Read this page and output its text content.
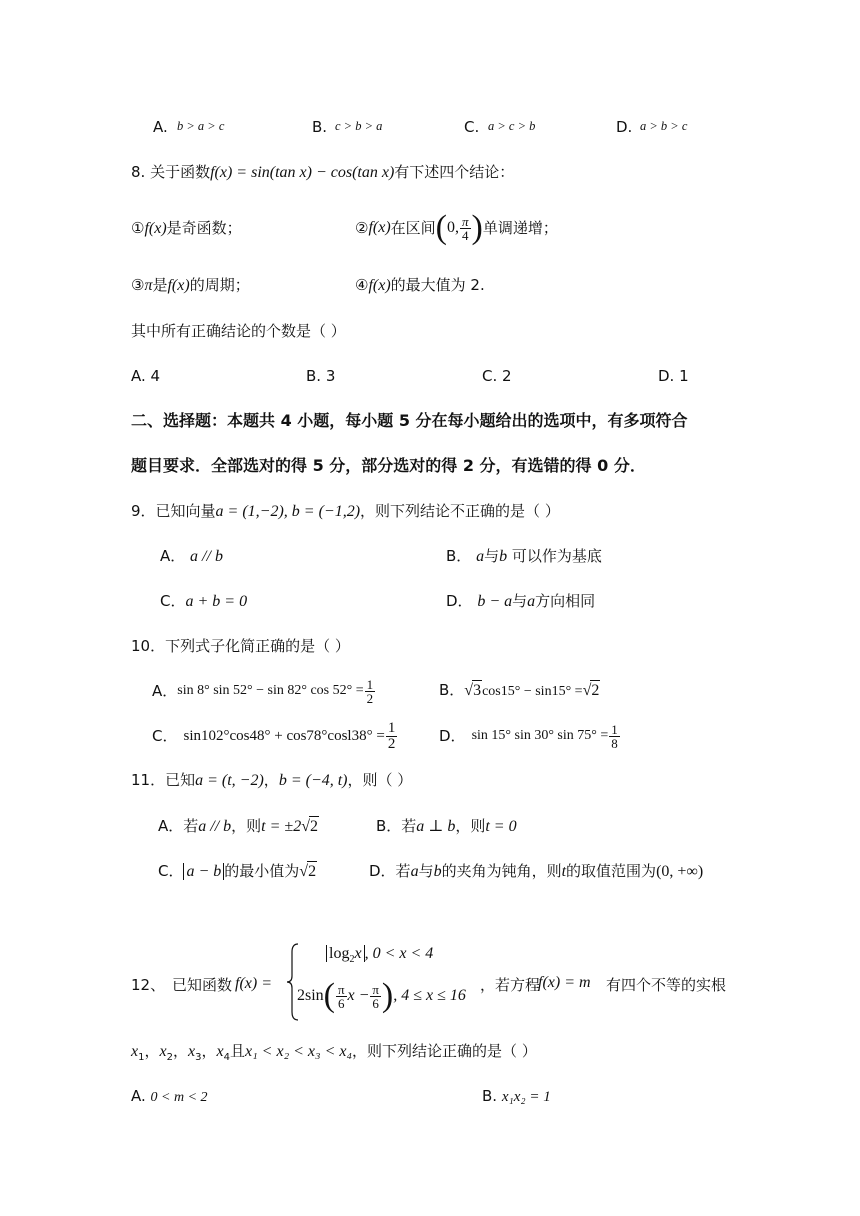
A. b > a > c	B. c > b > a	C. a > c > b	D. a > b > c
8. 关于函数f(x) = sin(tan x) − cos(tan x)有下述四个结论：
①f(x)是奇函数；	② f(x) 在区间 ( 0, $\frac{\pi}{4}$ ) 单调递增；
③π是f(x)的周期；	④f(x)的最大值为 2.
其中所有正确结论的个数是（ ）
A. 4	B. 3	C. 2	D. 1
二、选择题：本题共 4 小题，每小题 5 分在每小题给出的选项中，有多项符合
题目要求．全部选对的得 5 分，部分选对的得 2 分，有选错的得 0 分．
9．已知向量a = (1,−2), b = (−1,2)，则下列结论不正确的是（ ）
A． a // b	B． a与b 可以作为基底
C．a + b = 0	D． b − a与a方向相同
10．下列式子化简正确的是（ ）
A． sin 8° sin 52° − sin 82° $\cos 52^\circ = \frac{1}{2}$	B．√3cos15° − sin15° =√2
C． $\sin 102^\circ\cos 48^\circ + \cos 78^\circ\cos l38^\circ = \frac{1}{2}$	D． sin 15° sin 30° $\sin 75^\circ = \frac{1}{8}$
11．已知a = (t, −2)，b = (−4, t)，则（ ）
A．若a // b，则t = ±2√2	B．若a ⊥ b，则t = 0
C． a − b 的最小值为√2	D．若a与b的夹角为钝角，则t的取值范围为(0, +∞)
12、 已知函数 f(x) =
$\log_2x$ , 0 < x < 4
2sin ( $\frac{\pi}{6}$ $x - \frac{\pi}{6}$ ) , 4 ≤ x ≤ 16
，若方程
f(x) = m 有四个不等的实根
$x_1$，$x_2$，$x_3$，$x_4$且x₁ < x₂ < x₃ < x₄，则下列结论正确的是（ ）
A. 0 < m < 2	B. x₁x₂ = 1
